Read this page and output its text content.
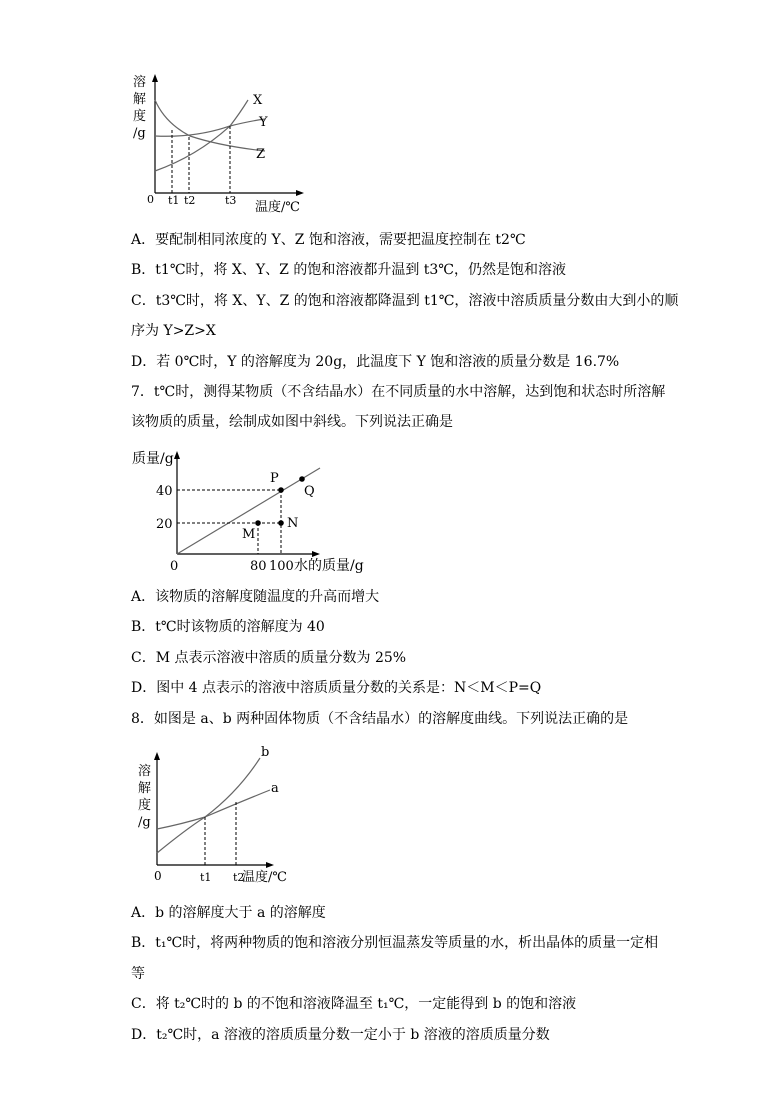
溶
解
度
/g
X
Y
Z
0 t1 t2	t3 温度/℃
A．要配制相同浓度的 Y、Z 饱和溶液，需要把温度控制在 t2℃
B．t1℃时，将 X、Y、Z 的饱和溶液都升温到 t3℃，仍然是饱和溶液
C．t3℃时，将 X、Y、Z 的饱和溶液都降温到 t1℃，溶液中溶质质量分数由大到小的顺
序为 Y>Z>X
D．若 0℃时，Y 的溶解度为 20g，此温度下 Y 饱和溶液的质量分数是 16.7%
7．t℃时，测得某物质（不含结晶水）在不同质量的水中溶解，达到饱和状态时所溶解
该物质的质量，绘制成如图中斜线。下列说法正确是
质量/g
P
Q
M
N
40
20
0	80 100 水的质量/g
A．该物质的溶解度随温度的升高而增大
B．t℃时该物质的溶解度为 40
C．M 点表示溶液中溶质的质量分数为 25%
D．图中 4 点表示的溶液中溶质质量分数的关系是：N＜M＜P=Q
8．如图是 a、b 两种固体物质（不含结晶水）的溶解度曲线。下列说法正确的是
溶
解
度
/g
b
a
0	t1 t2
温度/℃
A．b 的溶解度大于 a 的溶解度
B．t₁℃时，将两种物质的饱和溶液分别恒温蒸发等质量的水，析出晶体的质量一定相
等
C．将 t₂℃时的 b 的不饱和溶液降温至 t₁℃，一定能得到 b 的饱和溶液
D．t₂℃时，a 溶液的溶质质量分数一定小于 b 溶液的溶质质量分数
